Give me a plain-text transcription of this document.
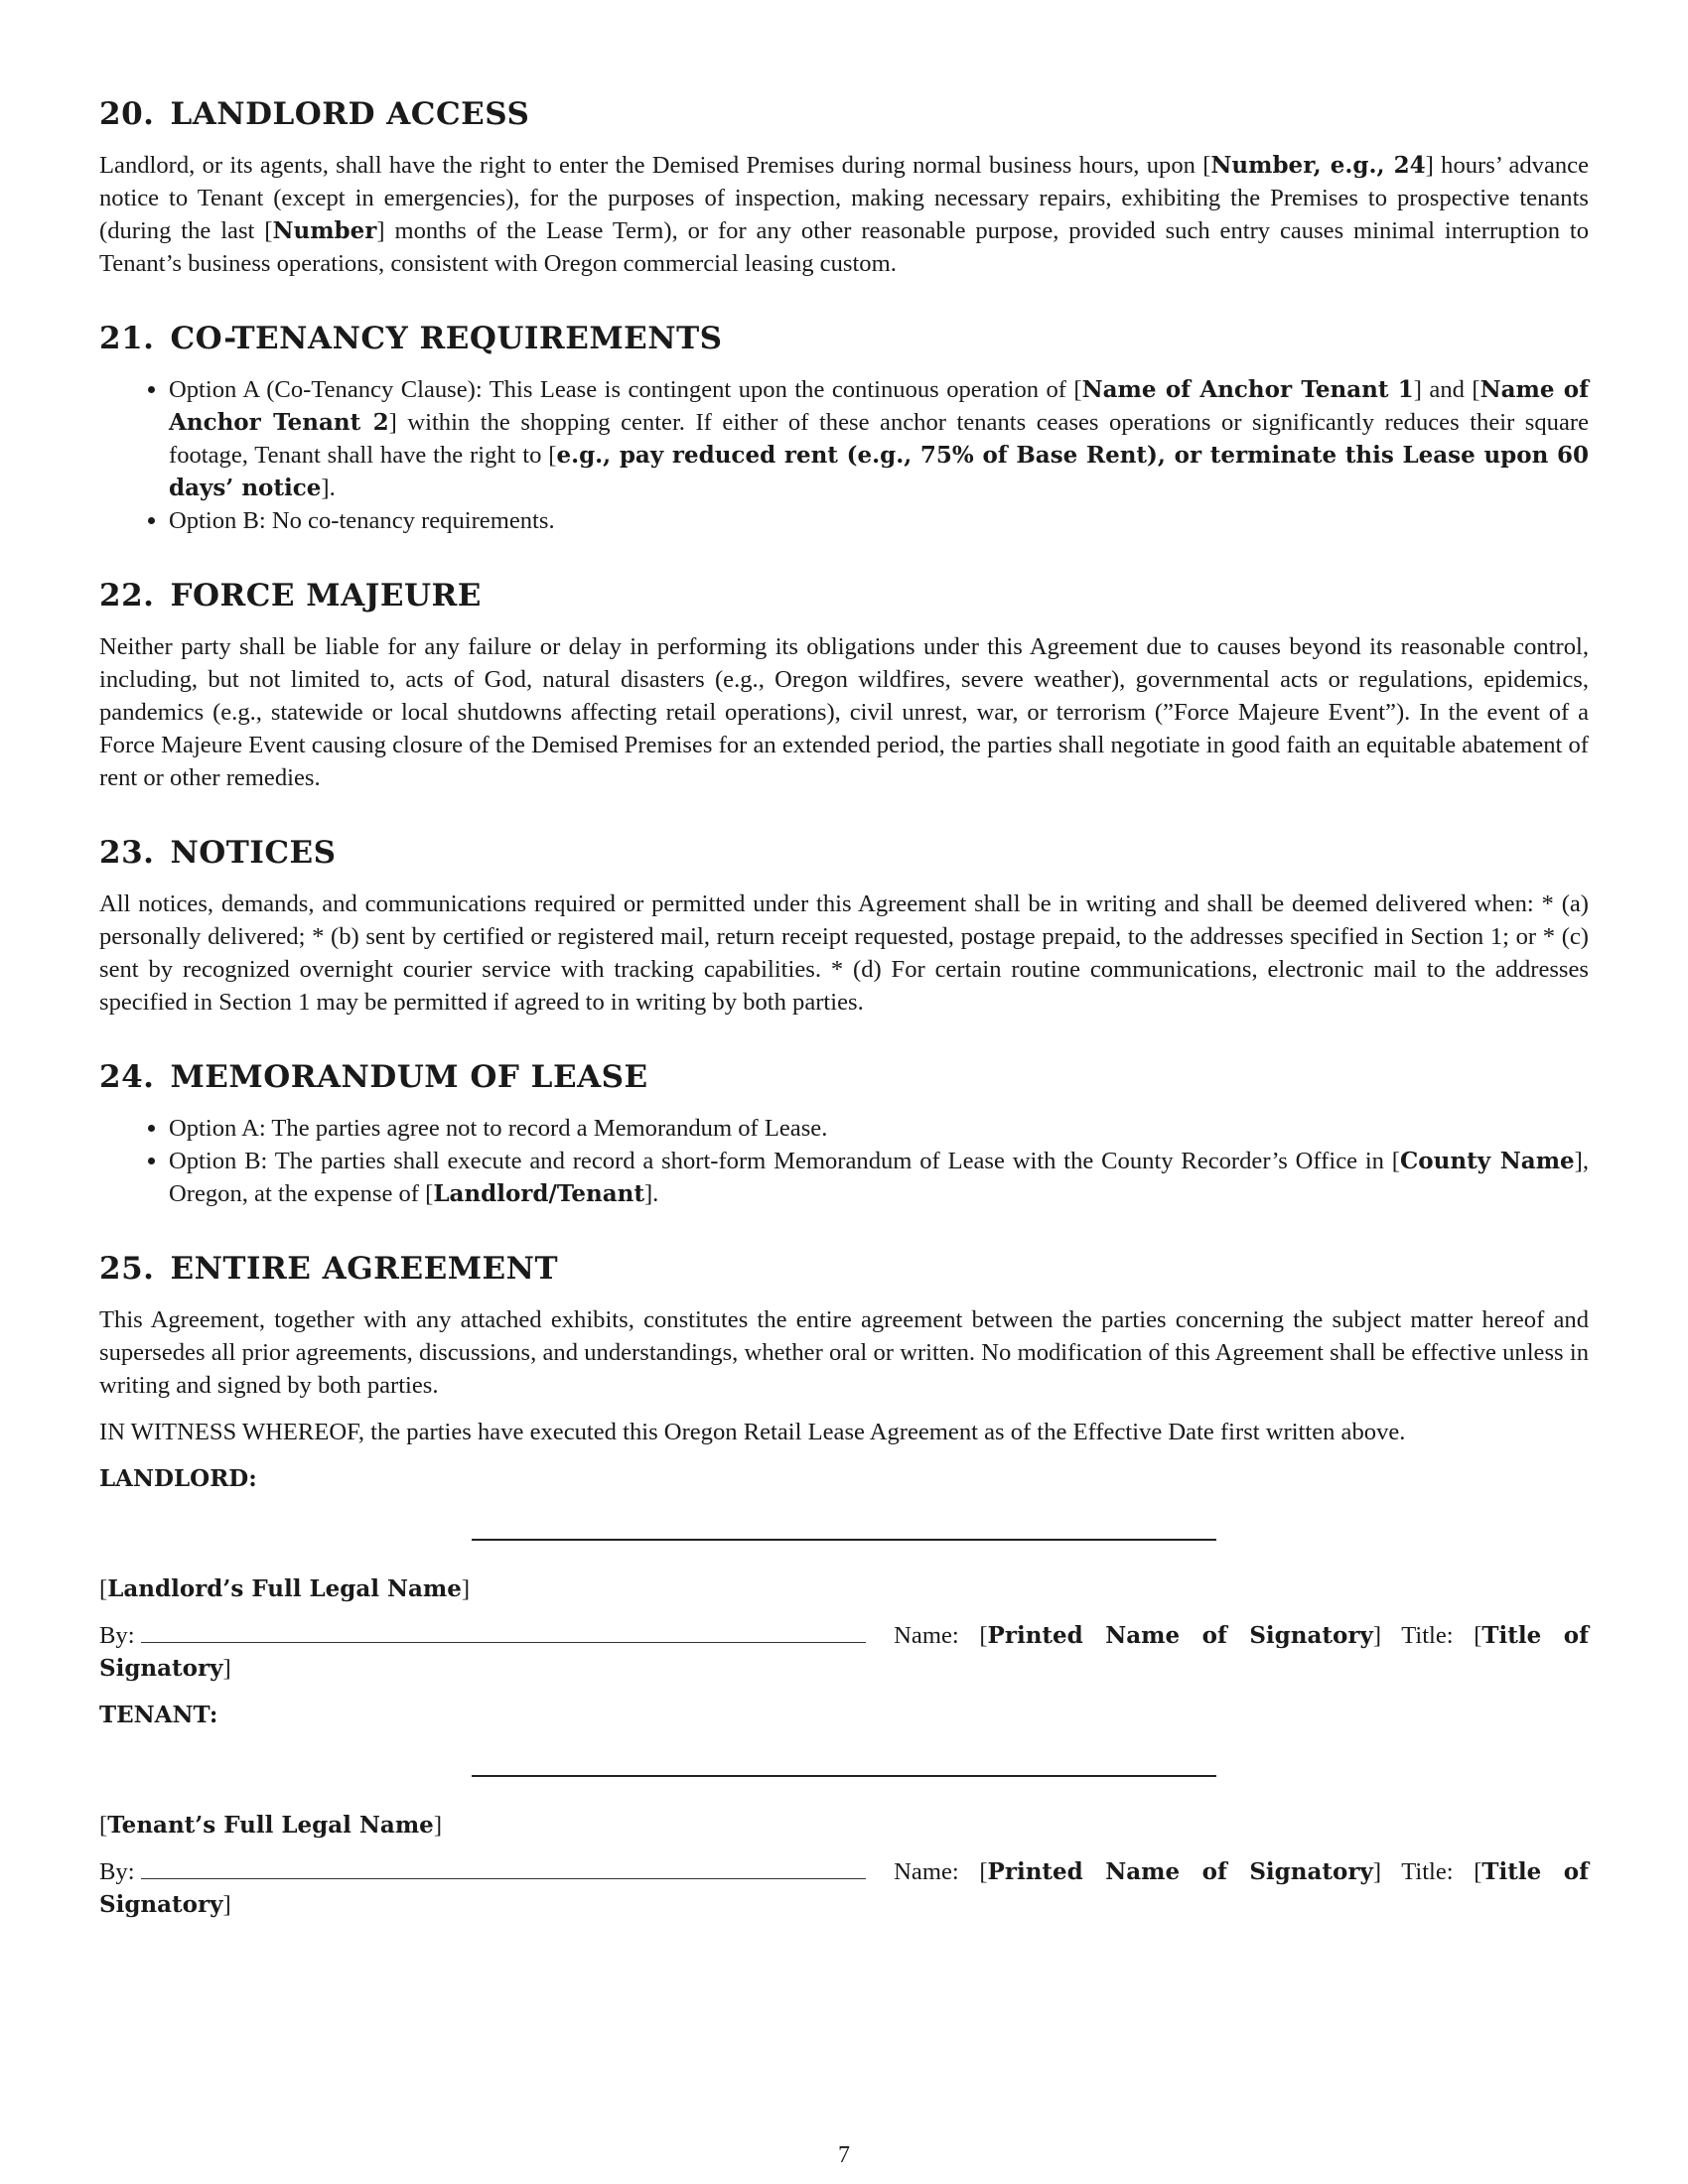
20. LANDLORD ACCESS

Landlord, or its agents, shall have the right to enter the Demised Premises during normal business hours, upon [Number, e.g., 24] hours’ advance notice to Tenant (except in emergencies), for the purposes of inspection, making necessary repairs, exhibiting the Premises to prospective tenants (during the last [Number] months of the Lease Term), or for any other reasonable purpose, provided such entry causes minimal interruption to Tenant’s business operations, consistent with Oregon commercial leasing custom.

21. CO-TENANCY REQUIREMENTS
• Option A (Co-Tenancy Clause): This Lease is contingent upon the continuous operation of [Name of Anchor Tenant 1] and [Name of Anchor Tenant 2] within the shopping center. If either of these anchor tenants ceases operations or significantly reduces their square footage, Tenant shall have the right to [e.g., pay reduced rent (e.g., 75% of Base Rent), or terminate this Lease upon 60 days’ notice].
• Option B: No co-tenancy requirements.
22. FORCE MAJEURE

Neither party shall be liable for any failure or delay in performing its obligations under this Agreement due to causes beyond its reasonable control, including, but not limited to, acts of God, natural disasters (e.g., Oregon wildfires, severe weather), governmental acts or regulations, epidemics, pandemics (e.g., statewide or local shutdowns affecting retail operations), civil unrest, war, or terrorism (”Force Majeure Event”). In the event of a Force Majeure Event causing closure of the Demised Premises for an extended period, the parties shall negotiate in good faith an equitable abatement of rent or other remedies.

23. NOTICES

All notices, demands, and communications required or permitted under this Agreement shall be in writing and shall be deemed delivered when: * (a) personally delivered; * (b) sent by certified or registered mail, return receipt requested, postage prepaid, to the addresses specified in Section 1; or * (c) sent by recognized overnight courier service with tracking capabilities. * (d) For certain routine communications, electronic mail to the addresses specified in Section 1 may be permitted if agreed to in writing by both parties.

24. MEMORANDUM OF LEASE
• Option A: The parties agree not to record a Memorandum of Lease.
• Option B: The parties shall execute and record a short-form Memorandum of Lease with the County Recorder’s Office in [County Name], Oregon, at the expense of [Landlord/Tenant].
25. ENTIRE AGREEMENT

This Agreement, together with any attached exhibits, constitutes the entire agreement between the parties concerning the subject matter hereof and supersedes all prior agreements, discussions, and understandings, whether oral or written. No modification of this Agreement shall be effective unless in writing and signed by both parties.

IN WITNESS WHEREOF, the parties have executed this Oregon Retail Lease Agreement as of the Effective Date first written above.

LANDLORD:
[Landlord’s Full Legal Name]
By:	Name: [Printed Name of Signatory] Title: [Title of Signatory]
TENANT:
[Tenant’s Full Legal Name]
By:	Name: [Printed Name of Signatory] Title: [Title of Signatory]
7
